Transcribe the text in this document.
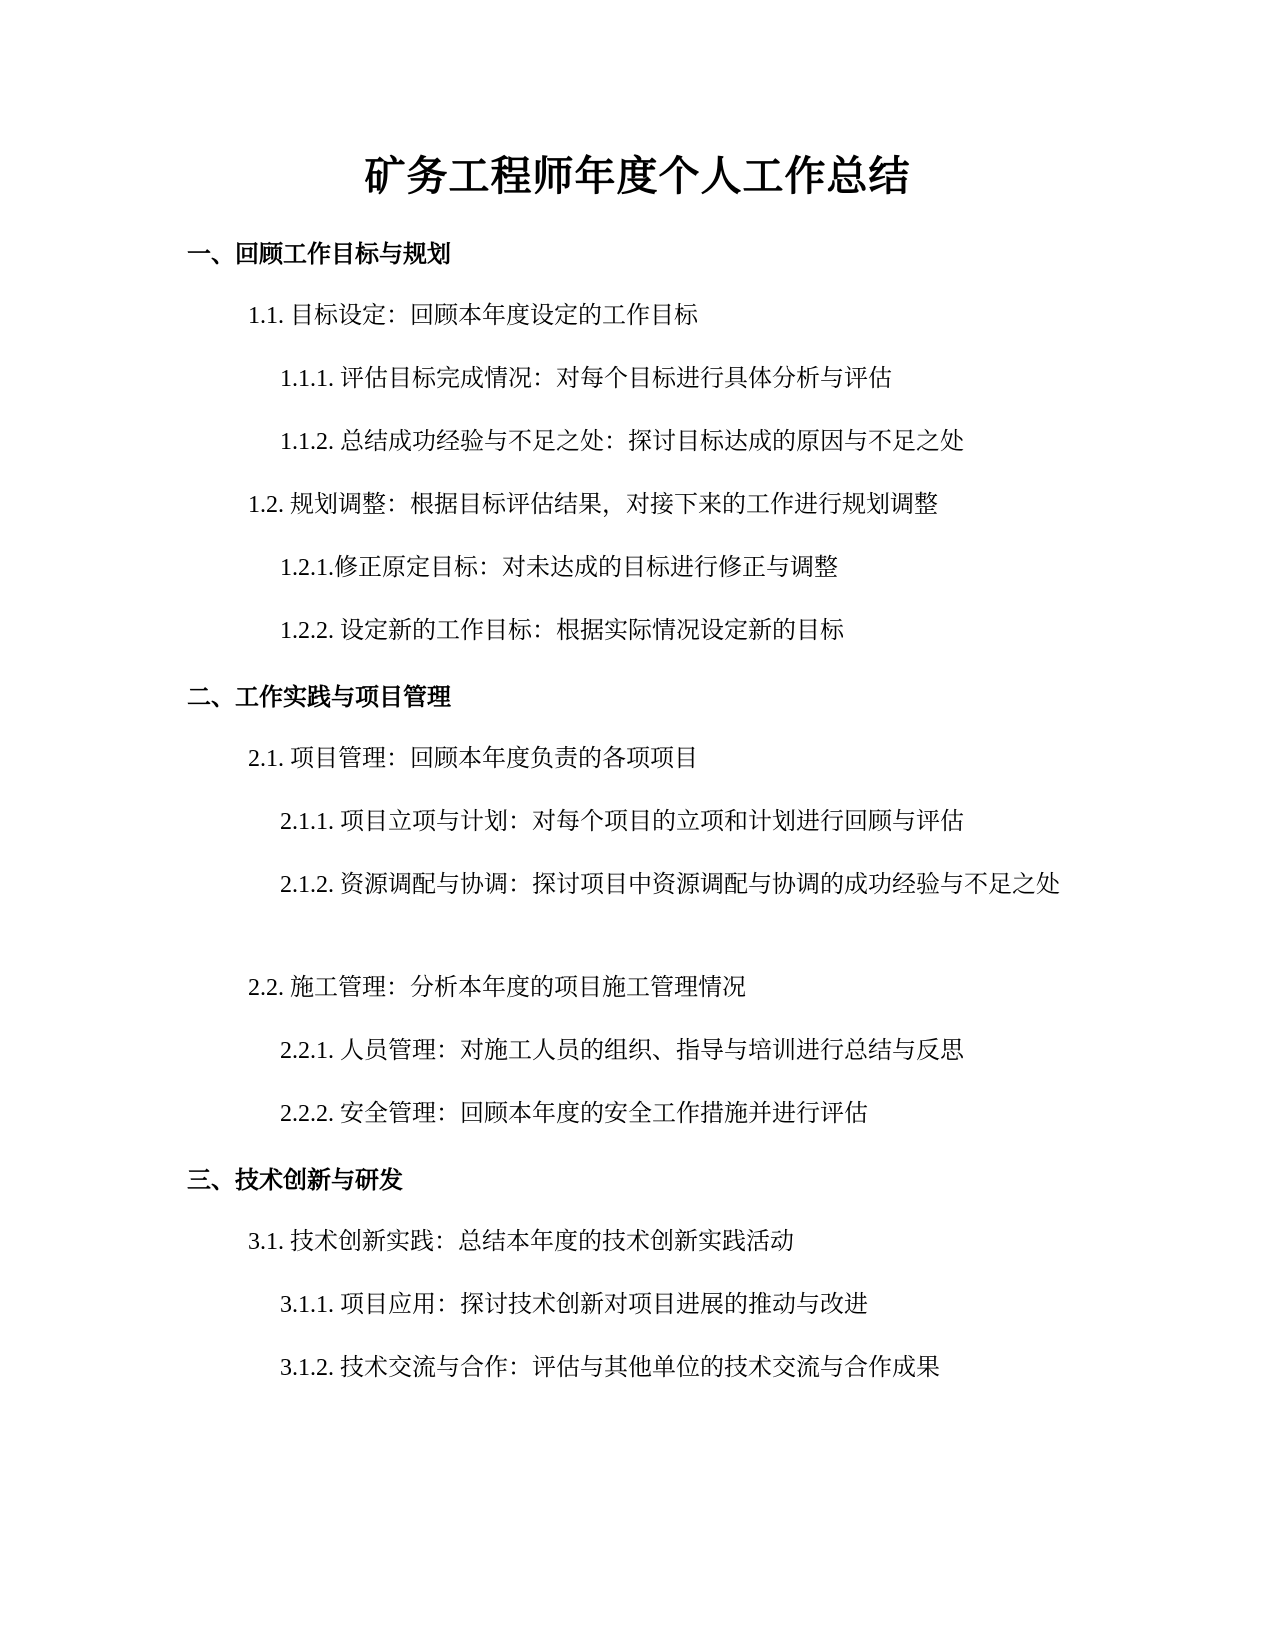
矿务工程师年度个人工作总结
一、回顾工作目标与规划

1.1. 目标设定：回顾本年度设定的工作目标

1.1.1. 评估目标完成情况：对每个目标进行具体分析与评估

1.1.2. 总结成功经验与不足之处：探讨目标达成的原因与不足之处

1.2. 规划调整：根据目标评估结果，对接下来的工作进行规划调整

1.2.1.修正原定目标：对未达成的目标进行修正与调整

1.2.2. 设定新的工作目标：根据实际情况设定新的目标

二、工作实践与项目管理

2.1. 项目管理：回顾本年度负责的各项项目

2.1.1. 项目立项与计划：对每个项目的立项和计划进行回顾与评估

2.1.2. 资源调配与协调：探讨项目中资源调配与协调的成功经验与不足之处

2.2. 施工管理：分析本年度的项目施工管理情况

2.2.1. 人员管理：对施工人员的组织、指导与培训进行总结与反思

2.2.2. 安全管理：回顾本年度的安全工作措施并进行评估

三、技术创新与研发

3.1. 技术创新实践：总结本年度的技术创新实践活动

3.1.1. 项目应用：探讨技术创新对项目进展的推动与改进

3.1.2. 技术交流与合作：评估与其他单位的技术交流与合作成果
